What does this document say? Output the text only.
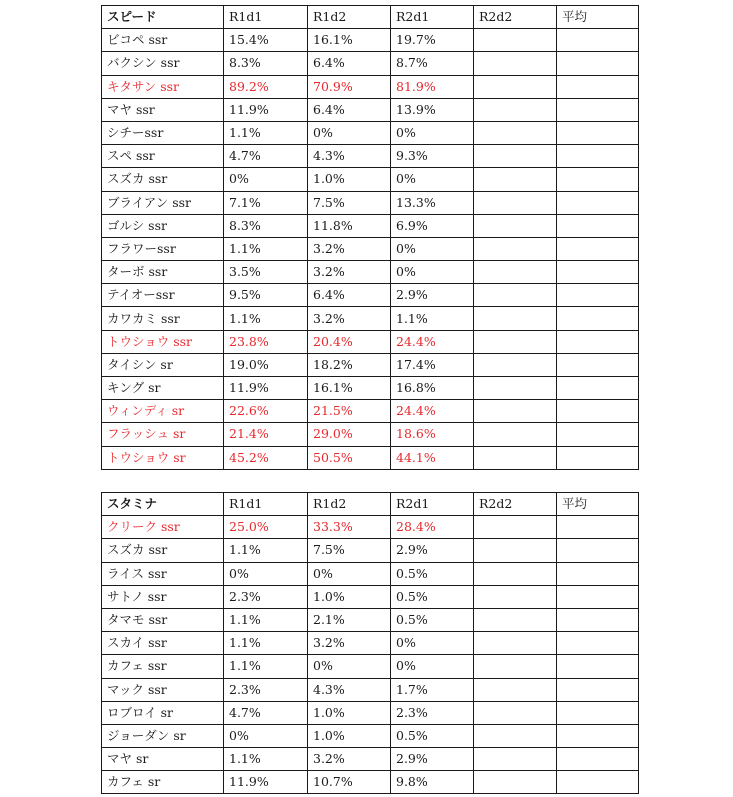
スピード	R1d1	R1d2	R2d1	R2d2	平均
ビコペ ssr	15.4%	16.1%	19.7%		
バクシン ssr	8.3%	6.4%	8.7%		
キタサン ssr	89.2%	70.9%	81.9%		
マヤ ssr	11.9%	6.4%	13.9%		
シチーssr	1.1%	0%	0%		
スペ ssr	4.7%	4.3%	9.3%		
スズカ ssr	0%	1.0%	0%		
ブライアン ssr	7.1%	7.5%	13.3%		
ゴルシ ssr	8.3%	11.8%	6.9%		
フラワーssr	1.1%	3.2%	0%		
ターボ ssr	3.5%	3.2%	0%		
テイオーssr	9.5%	6.4%	2.9%		
カワカミ ssr	1.1%	3.2%	1.1%		
トウショウ ssr	23.8%	20.4%	24.4%		
タイシン sr	19.0%	18.2%	17.4%		
キング sr	11.9%	16.1%	16.8%		
ウィンディ sr	22.6%	21.5%	24.4%		
フラッシュ sr	21.4%	29.0%	18.6%		
トウショウ sr	45.2%	50.5%	44.1%		
スタミナ	R1d1	R1d2	R2d1	R2d2	平均
クリーク ssr	25.0%	33.3%	28.4%		
スズカ ssr	1.1%	7.5%	2.9%		
ライス ssr	0%	0%	0.5%		
サトノ ssr	2.3%	1.0%	0.5%		
タマモ ssr	1.1%	2.1%	0.5%		
スカイ ssr	1.1%	3.2%	0%		
カフェ ssr	1.1%	0%	0%		
マック ssr	2.3%	4.3%	1.7%		
ロブロイ sr	4.7%	1.0%	2.3%		
ジョーダン sr	0%	1.0%	0.5%		
マヤ sr	1.1%	3.2%	2.9%		
カフェ sr	11.9%	10.7%	9.8%		
